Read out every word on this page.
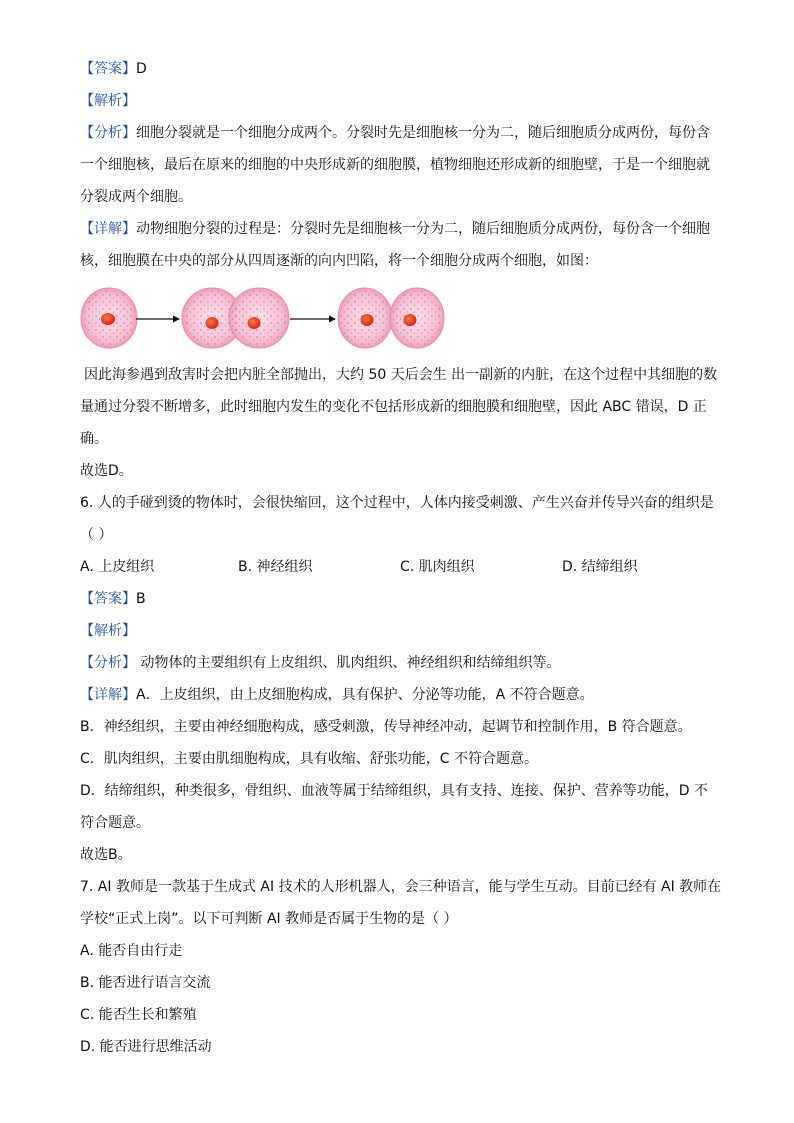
【答案】D
【解析】
【分析】细胞分裂就是一个细胞分成两个。分裂时先是细胞核一分为二，随后细胞质分成两份，每份含
一个细胞核，最后在原来的细胞的中央形成新的细胞膜，植物细胞还形成新的细胞壁，于是一个细胞就
分裂成两个细胞。
【详解】动物细胞分裂的过程是：分裂时先是细胞核一分为二，随后细胞质分成两份，每份含一个细胞
核，细胞膜在中央的部分从四周逐渐的向内凹陷，将一个细胞分成两个细胞，如图：
因此海参遇到敌害时会把内脏全部抛出，大约 50 天后会生 出一副新的内脏，在这个过程中其细胞的数
量通过分裂不断增多，此时细胞内发生的变化不包括形成新的细胞膜和细胞壁，因此 ABC 错误，D 正
确。
故选D。
6. 人的手碰到烫的物体时，会很快缩回，这个过程中，人体内接受刺激、产生兴奋并传导兴奋的组织是
（ ）
A. 上皮组织	B. 神经组织	C. 肌肉组织	D. 结缔组织
【答案】B
【解析】
【分析】 动物体的主要组织有上皮组织、肌肉组织、神经组织和结缔组织等。
【详解】A．上皮组织，由上皮细胞构成，具有保护、分泌等功能，A 不符合题意。
B．神经组织，主要由神经细胞构成，感受刺激，传导神经冲动，起调节和控制作用，B 符合题意。
C．肌肉组织，主要由肌细胞构成，具有收缩、舒张功能，C 不符合题意。
D．结缔组织，种类很多，骨组织、血液等属于结缔组织，具有支持、连接、保护、营养等功能，D 不
符合题意。
故选B。
7. AI 教师是一款基于生成式 AI 技术的人形机器人，会三种语言，能与学生互动。目前已经有 AI 教师在
学校“正式上岗”。以下可判断 AI 教师是否属于生物的是（ ）
A. 能否自由行走
B. 能否进行语言交流
C. 能否生长和繁殖
D. 能否进行思维活动
